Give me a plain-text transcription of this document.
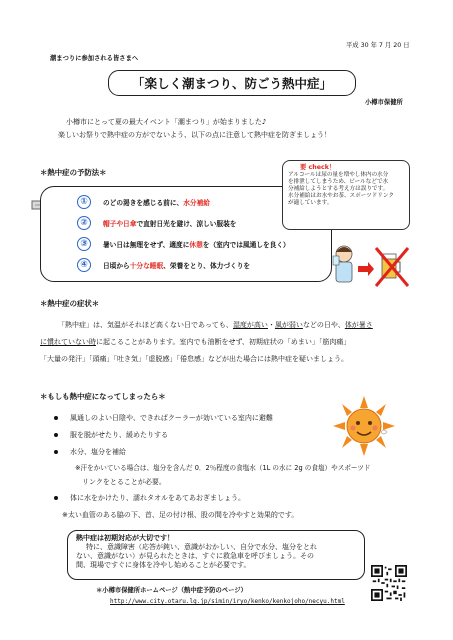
平成 30 年 7 月 20 日
潮まつりに参加される皆さまへ
「楽しく潮まつり、防ごう熱中症」
小樽市保健所
小樽市にとって夏の最大イベント「潮まつり」が始まりました♪
楽しいお祭りで熱中症の方がでないよう、以下の点に注意して熱中症を防ぎましょう！
＊熱中症の予防法＊
①	のどの渇きを感じる前に、水分補給
②	帽子や日傘で直射日光を避け、涼しい服装を
③	暑い日は無理をせず、適度に休憩を（室内では風通しを良く）
④	日頃から十分な睡眠、栄養をとり、体力づくりを
要 check！
アルコールは尿の量を増やし体内の水分
を排泄してしまうため、ビールなどで水
分補給しようとする考え方は誤りです。
水分補給はお水やお茶、スポーツドリンク
が適しています。
＊熱中症の症状＊
「熱中症」は、気温がそれほど高くない日であっても、湿度が高い・風が弱いなどの日や、体が暑さ
に慣れていない時に起こることがあります。室内でも油断をせず、初期症状の「めまい」「筋肉痛」
「大量の発汗」「頭痛」「吐き気」「虚脱感」「倦怠感」などが出た場合には熱中症を疑いましょう。
＊もしも熱中症になってしまったら＊
風通しのよい日陰や、できればクーラーが効いている室内に避難
服を脱がせたり、緩めたりする
水分、塩分を補給
※汗をかいている場合は、塩分を含んだ 0．2％程度の食塩水（1L の水に 2g の食塩）やスポーツド
リンクをとることが必要。
体に水をかけたり、濡れタオルをあてあおぎましょう。
※太い血管のある脇の下、首、足の付け根、股の間を冷やすと効果的です。
熱中症は初期対応が大切です！
特に、意識障害（応答が鈍い、意識がおかしい、自分で水分、塩分をとれ
ない、意識がない）が見られたときは、すぐに救急車を呼びましょう。その
間、現場ですぐに身体を冷やし始めることが必要です。
＊小樽市保健所ホームページ（熱中症予防のページ）
http://www.city.otaru.lg.jp/simin/iryo/kenko/kenkojoho/necyu.html
